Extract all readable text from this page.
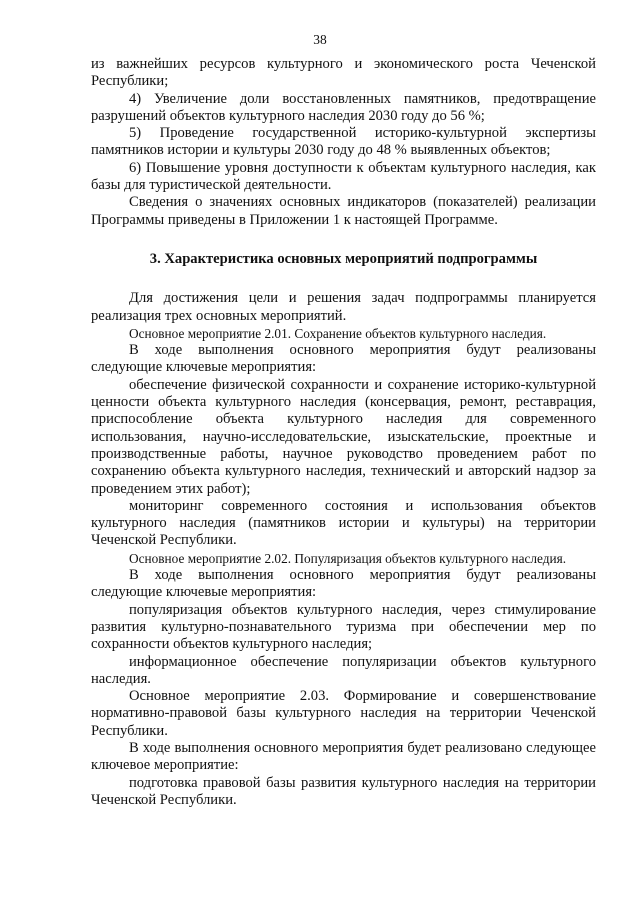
38

из важнейших ресурсов культурного и экономического роста Чеченской Республики;

4) Увеличение доли восстановленных памятников, предотвращение разрушений объектов культурного наследия 2030 году до 56 %;

5) Проведение государственной историко-культурной экспертизы памятников истории и культуры 2030 году до 48 % выявленных объектов;

6) Повышение уровня доступности к объектам культурного наследия, как базы для туристической деятельности.

Сведения о значениях основных индикаторов (показателей) реализации Программы приведены в Приложении 1 к настоящей Программе.

3. Характеристика основных мероприятий подпрограммы

Для достижения цели и решения задач подпрограммы планируется реализация трех основных мероприятий.

Основное мероприятие 2.01. Сохранение объектов культурного наследия.

В ходе выполнения основного мероприятия будут реализованы следующие ключевые мероприятия:

обеспечение физической сохранности и сохранение историко-культурной ценности объекта культурного наследия (консервация, ремонт, реставрация, приспособление объекта культурного наследия для современного использования, научно-исследовательские, изыскательские, проектные и производственные работы, научное руководство проведением работ по сохранению объекта культурного наследия, технический и авторский надзор за проведением этих работ);

мониторинг современного состояния и использования объектов культурного наследия (памятников истории и культуры) на территории Чеченской Республики.

Основное мероприятие 2.02. Популяризация объектов культурного наследия.

В ходе выполнения основного мероприятия будут реализованы следующие ключевые мероприятия:

популяризация объектов культурного наследия, через стимулирование развития культурно-познавательного туризма при обеспечении мер по сохранности объектов культурного наследия;

информационное обеспечение популяризации объектов культурного наследия.

Основное мероприятие 2.03. Формирование и совершенствование нормативно-правовой базы культурного наследия на территории Чеченской Республики.

В ходе выполнения основного мероприятия будет реализовано следующее ключевое мероприятие:

подготовка правовой базы развития культурного наследия на территории Чеченской Республики.
